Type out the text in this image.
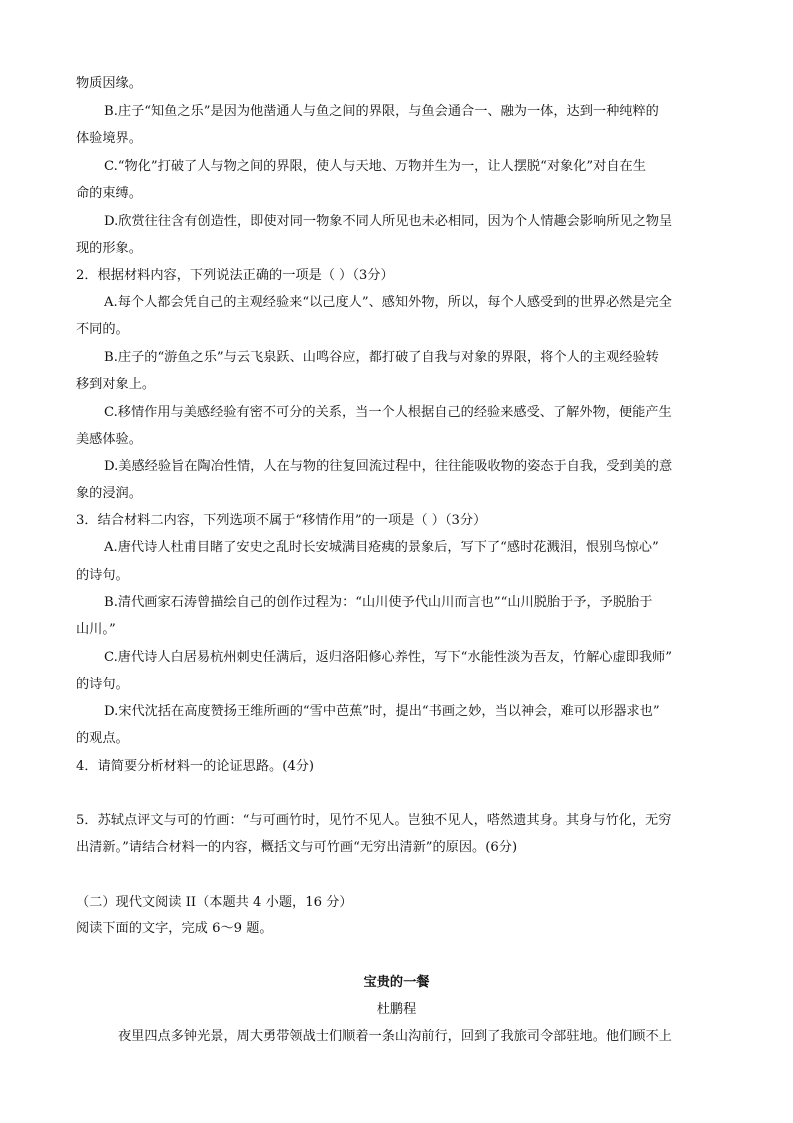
物质因缘。
B.庄子“知鱼之乐”是因为他凿通人与鱼之间的界限，与鱼会通合一、融为一体，达到一种纯粹的
体验境界。
C.“物化”打破了人与物之间的界限，使人与天地、万物并生为一，让人摆脱“对象化”对自在生
命的束缚。
D.欣赏往往含有创造性，即使对同一物象不同人所见也未必相同，因为个人情趣会影响所见之物呈
现的形象。
2．根据材料内容，下列说法正确的一项是（ ）（3分）
A.每个人都会凭自己的主观经验来“以己度人”、感知外物，所以，每个人感受到的世界必然是完全
不同的。
B.庄子的“游鱼之乐”与云飞泉跃、山鸣谷应，都打破了自我与对象的界限，将个人的主观经验转
移到对象上。
C.移情作用与美感经验有密不可分的关系，当一个人根据自己的经验来感受、了解外物，便能产生
美感体验。
D.美感经验旨在陶冶性情，人在与物的往复回流过程中，往往能吸收物的姿态于自我，受到美的意
象的浸润。
3．结合材料二内容，下列选项不属于“移情作用”的一项是（ ）（3分）
A.唐代诗人杜甫目睹了安史之乱时长安城满目疮痍的景象后，写下了“感时花溅泪，恨别鸟惊心”
的诗句。
B.清代画家石涛曾描绘自己的创作过程为：“山川使予代山川而言也”“山川脱胎于予，予脱胎于
山川。”
C.唐代诗人白居易杭州刺史任满后，返归洛阳修心养性，写下“水能性淡为吾友，竹解心虚即我师”
的诗句。
D.宋代沈括在高度赞扬王维所画的“雪中芭蕉”时，提出“书画之妙，当以神会，难可以形器求也”
的观点。
4．请简要分析材料一的论证思路。(4分)
5．苏轼点评文与可的竹画：“与可画竹时，见竹不见人。岂独不见人，嗒然遗其身。其身与竹化，无穷
出清新。”请结合材料一的内容，概括文与可竹画“无穷出清新”的原因。(6分)
（二）现代文阅读 II（本题共 4 小题，16 分）
阅读下面的文字，完成 6～9 题。
宝贵的一餐
杜鹏程
夜里四点多钟光景，周大勇带领战士们顺着一条山沟前行，回到了我旅司令部驻地。他们顾不上
